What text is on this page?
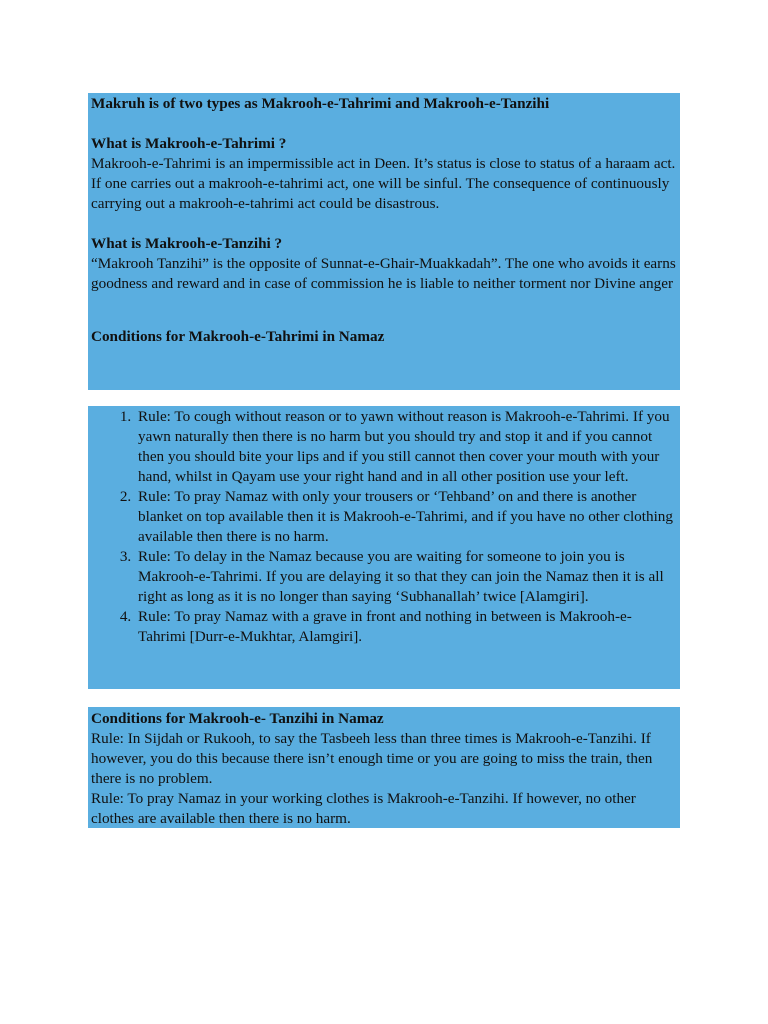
Makruh is of two types as Makrooh-e-Tahrimi and Makrooh-e-Tanzihi

What is Makrooh-e-Tahrimi ?

Makrooh-e-Tahrimi is an impermissible act in Deen. It’s status is close to status of a haraam act. If one carries out a makrooh-e-tahrimi act, one will be sinful. The consequence of continuously carrying out a makrooh-e-tahrimi act could be disastrous.

What is Makrooh-e-Tanzihi ?

“Makrooh Tanzihi” is the opposite of Sunnat-e-Ghair-Muakkadah”. The one who avoids it earns goodness and reward and in case of commission he is liable to neither torment nor Divine anger

Conditions for Makrooh-e-Tahrimi in Namaz

1. Rule: To cough without reason or to yawn without reason is Makrooh-e-Tahrimi. If you yawn naturally then there is no harm but you should try and stop it and if you cannot then you should bite your lips and if you still cannot then cover your mouth with your hand, whilst in Qayam use your right hand and in all other position use your left.
2. Rule: To pray Namaz with only your trousers or ‘Tehband’ on and there is another blanket on top available then it is Makrooh-e-Tahrimi, and if you have no other clothing available then there is no harm.
3. Rule: To delay in the Namaz because you are waiting for someone to join you is Makrooh-e-Tahrimi. If you are delaying it so that they can join the Namaz then it is all right as long as it is no longer than saying ‘Subhanallah’ twice [Alamgiri].
4. Rule: To pray Namaz with a grave in front and nothing in between is Makrooh-e-Tahrimi [Durr-e-Mukhtar, Alamgiri].

Conditions for Makrooh-e- Tanzihi in Namaz

Rule: In Sijdah or Rukooh, to say the Tasbeeh less than three times is Makrooh-e-Tanzihi. If however, you do this because there isn’t enough time or you are going to miss the train, then there is no problem.

Rule: To pray Namaz in your working clothes is Makrooh-e-Tanzihi. If however, no other clothes are available then there is no harm.
